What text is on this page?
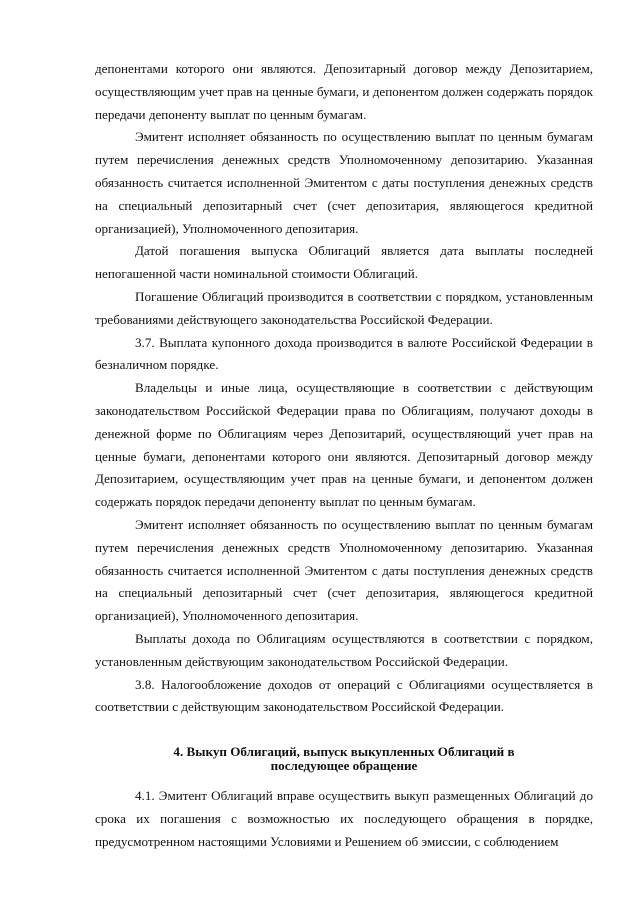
депонентами которого они являются. Депозитарный договор между Депозитарием, осуществляющим учет прав на ценные бумаги, и депонентом должен содержать порядок передачи депоненту выплат по ценным бумагам.

Эмитент исполняет обязанность по осуществлению выплат по ценным бумагам путем перечисления денежных средств Уполномоченному депозитарию. Указанная обязанность считается исполненной Эмитентом с даты поступления денежных средств на специальный депозитарный счет (счет депозитария, являющегося кредитной организацией), Уполномоченного депозитария.

Датой погашения выпуска Облигаций является дата выплаты последней непогашенной части номинальной стоимости Облигаций.

Погашение Облигаций производится в соответствии с порядком, установленным требованиями действующего законодательства Российской Федерации.

3.7. Выплата купонного дохода производится в валюте Российской Федерации в безналичном порядке.

Владельцы и иные лица, осуществляющие в соответствии с действующим законодательством Российской Федерации права по Облигациям, получают доходы в денежной форме по Облигациям через Депозитарий, осуществляющий учет прав на ценные бумаги, депонентами которого они являются. Депозитарный договор между Депозитарием, осуществляющим учет прав на ценные бумаги, и депонентом должен содержать порядок передачи депоненту выплат по ценным бумагам.

Эмитент исполняет обязанность по осуществлению выплат по ценным бумагам путем перечисления денежных средств Уполномоченному депозитарию. Указанная обязанность считается исполненной Эмитентом с даты поступления денежных средств на специальный депозитарный счет (счет депозитария, являющегося кредитной организацией), Уполномоченного депозитария.

Выплаты дохода по Облигациям осуществляются в соответствии с порядком, установленным действующим законодательством Российской Федерации.

3.8. Налогообложение доходов от операций с Облигациями осуществляется в соответствии с действующим законодательством Российской Федерации.

4. Выкуп Облигаций, выпуск выкупленных Облигаций в
последующее обращение

4.1. Эмитент Облигаций вправе осуществить выкуп размещенных Облигаций до срока их погашения с возможностью их последующего обращения в порядке, предусмотренном настоящими Условиями и Решением об эмиссии, с соблюдением
